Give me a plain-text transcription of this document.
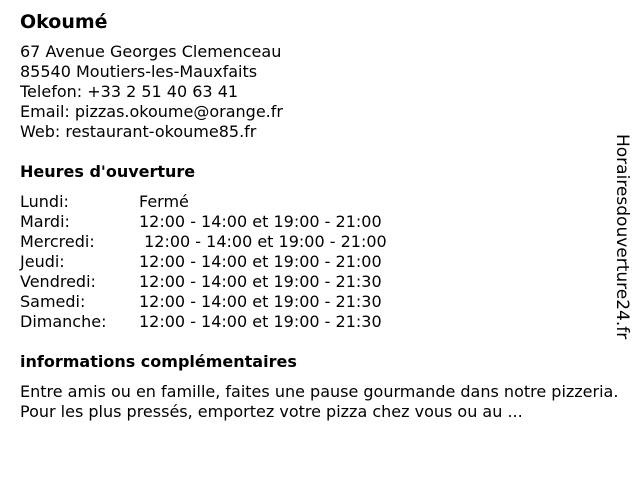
Okoumé
67 Avenue Georges Clemenceau
85540 Moutiers-les-Mauxfaits
Telefon: +33 2 51 40 63 41
Email: pizzas.okoume@orange.fr
Web: restaurant-okoume85.fr
Heures d'ouverture
Lundi:	Fermé
Mardi:	12:00 - 14:00 et 19:00 - 21:00
Mercredi:	12:00 - 14:00 et 19:00 - 21:00
Jeudi:	12:00 - 14:00 et 19:00 - 21:00
Vendredi:	12:00 - 14:00 et 19:00 - 21:30
Samedi:	12:00 - 14:00 et 19:00 - 21:30
Dimanche:	12:00 - 14:00 et 19:00 - 21:30
informations complémentaires
Entre amis ou en famille, faites une pause gourmande dans notre pizzeria. Pour les plus pressés, emportez votre pizza chez vous ou au ...
Horairesdouverture24.fr
